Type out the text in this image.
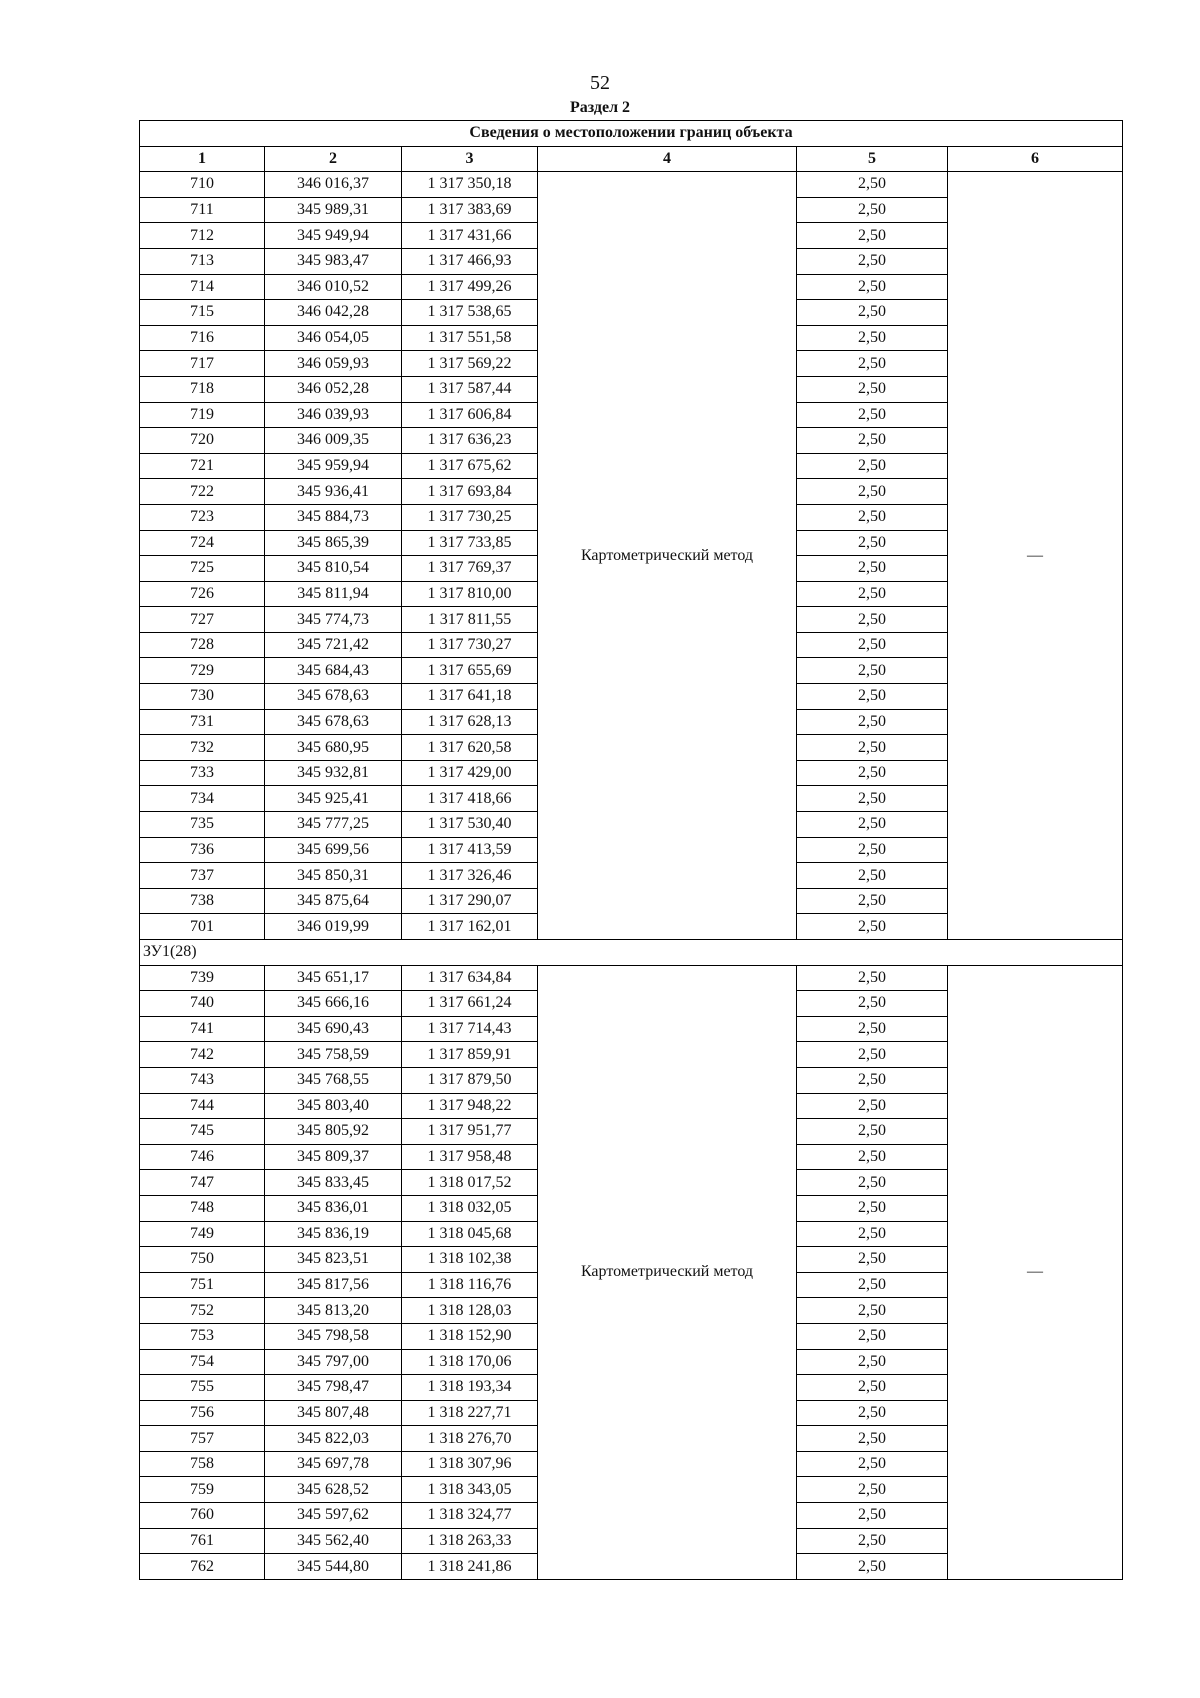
52
Раздел 2
Сведения о местоположении границ объекта					
1	2	3	4	5	6
710	346 016,37	1 317 350,18	Картометрический метод	2,50	—
711	345 989,31	1 317 383,69		2,50	
712	345 949,94	1 317 431,66		2,50	
713	345 983,47	1 317 466,93		2,50	
714	346 010,52	1 317 499,26		2,50	
715	346 042,28	1 317 538,65		2,50	
716	346 054,05	1 317 551,58		2,50	
717	346 059,93	1 317 569,22		2,50	
718	346 052,28	1 317 587,44		2,50	
719	346 039,93	1 317 606,84		2,50	
720	346 009,35	1 317 636,23		2,50	
721	345 959,94	1 317 675,62		2,50	
722	345 936,41	1 317 693,84		2,50	
723	345 884,73	1 317 730,25		2,50	
724	345 865,39	1 317 733,85		2,50	
725	345 810,54	1 317 769,37		2,50	
726	345 811,94	1 317 810,00		2,50	
727	345 774,73	1 317 811,55		2,50	
728	345 721,42	1 317 730,27		2,50	
729	345 684,43	1 317 655,69		2,50	
730	345 678,63	1 317 641,18		2,50	
731	345 678,63	1 317 628,13		2,50	
732	345 680,95	1 317 620,58		2,50	
733	345 932,81	1 317 429,00		2,50	
734	345 925,41	1 317 418,66		2,50	
735	345 777,25	1 317 530,40		2,50	
736	345 699,56	1 317 413,59		2,50	
737	345 850,31	1 317 326,46		2,50	
738	345 875,64	1 317 290,07		2,50	
701	346 019,99	1 317 162,01		2,50	
ЗУ1(28)					
739	345 651,17	1 317 634,84	Картометрический метод	2,50	—
740	345 666,16	1 317 661,24		2,50	
741	345 690,43	1 317 714,43		2,50	
742	345 758,59	1 317 859,91		2,50	
743	345 768,55	1 317 879,50		2,50	
744	345 803,40	1 317 948,22		2,50	
745	345 805,92	1 317 951,77		2,50	
746	345 809,37	1 317 958,48		2,50	
747	345 833,45	1 318 017,52		2,50	
748	345 836,01	1 318 032,05		2,50	
749	345 836,19	1 318 045,68		2,50	
750	345 823,51	1 318 102,38		2,50	
751	345 817,56	1 318 116,76		2,50	
752	345 813,20	1 318 128,03		2,50	
753	345 798,58	1 318 152,90		2,50	
754	345 797,00	1 318 170,06		2,50	
755	345 798,47	1 318 193,34		2,50	
756	345 807,48	1 318 227,71		2,50	
757	345 822,03	1 318 276,70		2,50	
758	345 697,78	1 318 307,96		2,50	
759	345 628,52	1 318 343,05		2,50	
760	345 597,62	1 318 324,77		2,50	
761	345 562,40	1 318 263,33		2,50	
762	345 544,80	1 318 241,86		2,50	
